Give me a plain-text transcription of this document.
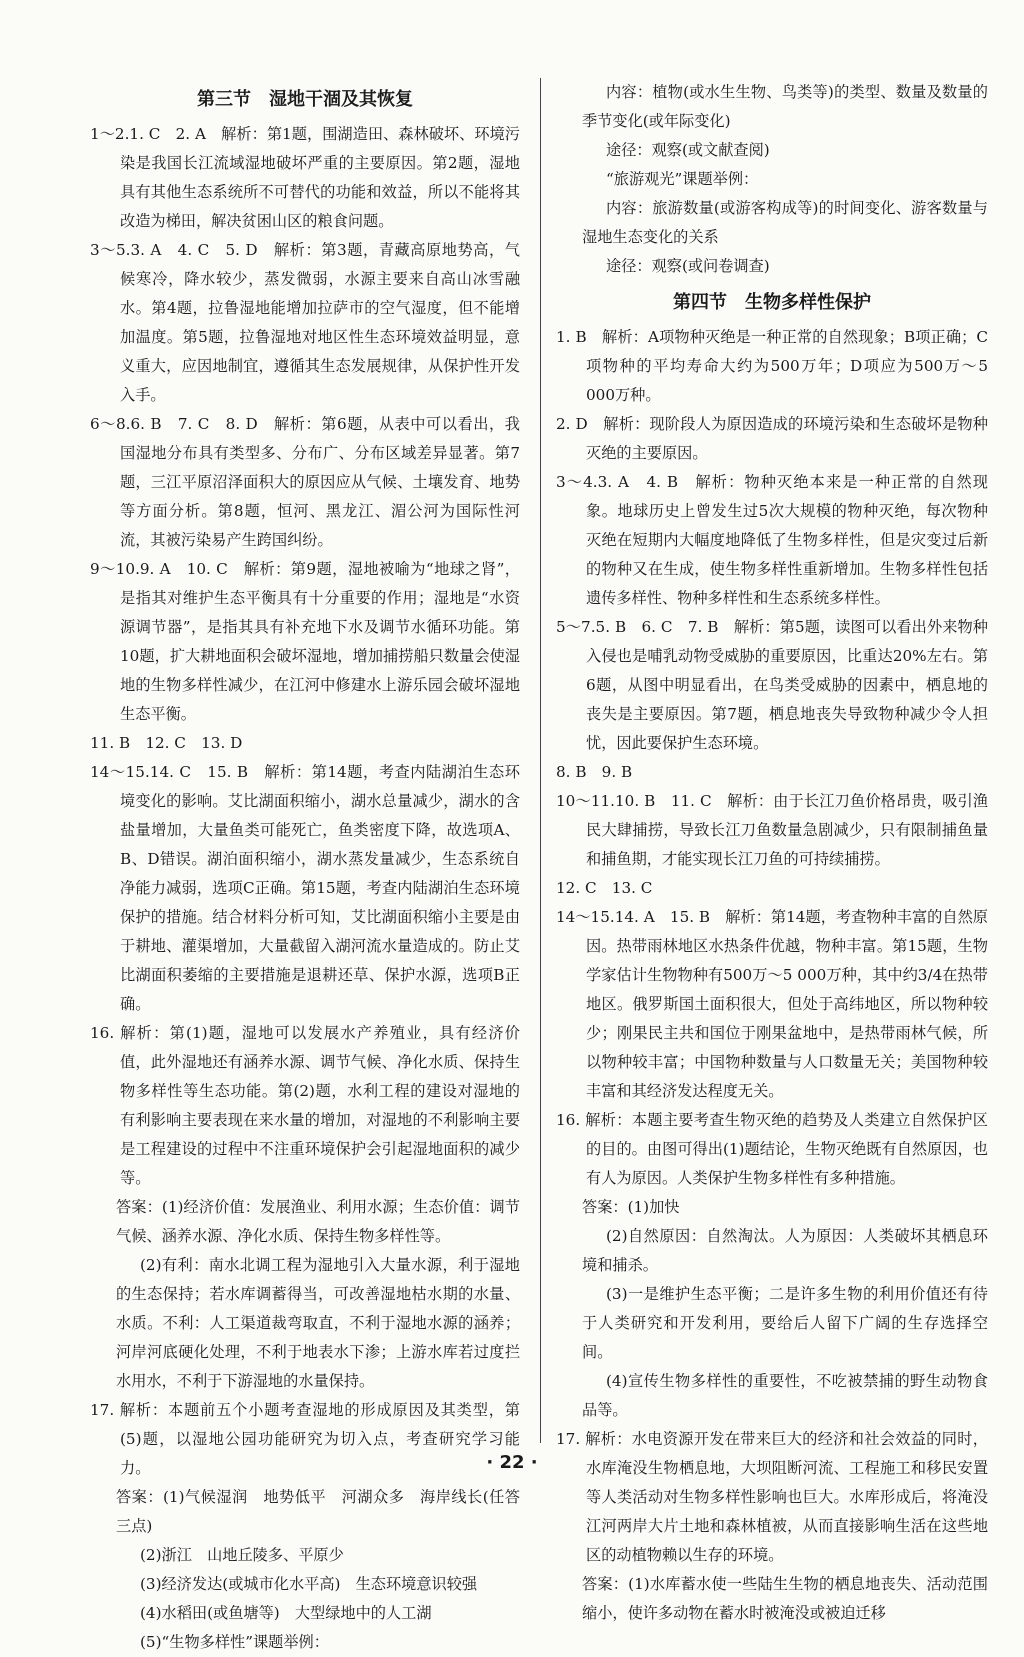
第三节　湿地干涸及其恢复

1～2.1. C　2. A　解析：第1题，围湖造田、森林破坏、环境污染是我国长江流域湿地破坏严重的主要原因。第2题，湿地具有其他生态系统所不可替代的功能和效益，所以不能将其改造为梯田，解决贫困山区的粮食问题。

3～5.3. A　4. C　5. D　解析：第3题，青藏高原地势高，气候寒冷，降水较少，蒸发微弱，水源主要来自高山冰雪融水。第4题，拉鲁湿地能增加拉萨市的空气湿度，但不能增加温度。第5题，拉鲁湿地对地区性生态环境效益明显，意义重大，应因地制宜，遵循其生态发展规律，从保护性开发入手。

6～8.6. B　7. C　8. D　解析：第6题，从表中可以看出，我国湿地分布具有类型多、分布广、分布区域差异显著。第7题，三江平原沼泽面积大的原因应从气候、土壤发育、地势等方面分析。第8题，恒河、黑龙江、湄公河为国际性河流，其被污染易产生跨国纠纷。

9～10.9. A　10. C　解析：第9题，湿地被喻为“地球之肾”，是指其对维护生态平衡具有十分重要的作用；湿地是“水资源调节器”，是指其具有补充地下水及调节水循环功能。第10题，扩大耕地面积会破坏湿地，增加捕捞船只数量会使湿地的生物多样性减少，在江河中修建水上游乐园会破坏湿地生态平衡。

11. B　12. C　13. D

14～15.14. C　15. B　解析：第14题，考查内陆湖泊生态环境变化的影响。艾比湖面积缩小，湖水总量减少，湖水的含盐量增加，大量鱼类可能死亡，鱼类密度下降，故选项A、B、D错误。湖泊面积缩小，湖水蒸发量减少，生态系统自净能力减弱，选项C正确。第15题，考查内陆湖泊生态环境保护的措施。结合材料分析可知，艾比湖面积缩小主要是由于耕地、灌渠增加，大量截留入湖河流水量造成的。防止艾比湖面积萎缩的主要措施是退耕还草、保护水源，选项B正确。

16. 解析：第(1)题，湿地可以发展水产养殖业，具有经济价值，此外湿地还有涵养水源、调节气候、净化水质、保持生物多样性等生态功能。第(2)题，水利工程的建设对湿地的有利影响主要表现在来水量的增加，对湿地的不利影响主要是工程建设的过程中不注重环境保护会引起湿地面积的减少等。

答案：(1)经济价值：发展渔业、利用水源；生态价值：调节气候、涵养水源、净化水质、保持生物多样性等。

(2)有利：南水北调工程为湿地引入大量水源，利于湿地的生态保持；若水库调蓄得当，可改善湿地枯水期的水量、水质。不利：人工渠道裁弯取直，不利于湿地水源的涵养；河岸河底硬化处理，不利于地表水下渗；上游水库若过度拦水用水，不利于下游湿地的水量保持。

17. 解析：本题前五个小题考查湿地的形成原因及其类型，第(5)题，以湿地公园功能研究为切入点，考查研究学习能力。

答案：(1)气候湿润　地势低平　河湖众多　海岸线长(任答三点)

(2)浙江　山地丘陵多、平原少

(3)经济发达(或城市化水平高)　生态环境意识较强

(4)水稻田(或鱼塘等)　大型绿地中的人工湖

(5)“生物多样性”课题举例：

内容：植物(或水生生物、鸟类等)的类型、数量及数量的季节变化(或年际变化)

途径：观察(或文献查阅)

“旅游观光”课题举例：

内容：旅游数量(或游客构成等)的时间变化、游客数量与湿地生态变化的关系

途径：观察(或问卷调查)

第四节　生物多样性保护

1. B　解析：A项物种灭绝是一种正常的自然现象；B项正确；C项物种的平均寿命大约为500万年；D项应为500万～5 000万种。

2. D　解析：现阶段人为原因造成的环境污染和生态破坏是物种灭绝的主要原因。

3～4.3. A　4. B　解析：物种灭绝本来是一种正常的自然现象。地球历史上曾发生过5次大规模的物种灭绝，每次物种灭绝在短期内大幅度地降低了生物多样性，但是灾变过后新的物种又在生成，使生物多样性重新增加。生物多样性包括遗传多样性、物种多样性和生态系统多样性。

5～7.5. B　6. C　7. B　解析：第5题，读图可以看出外来物种入侵也是哺乳动物受威胁的重要原因，比重达20%左右。第6题，从图中明显看出，在鸟类受威胁的因素中，栖息地的丧失是主要原因。第7题，栖息地丧失导致物种减少令人担忧，因此要保护生态环境。

8. B　9. B

10～11.10. B　11. C　解析：由于长江刀鱼价格昂贵，吸引渔民大肆捕捞，导致长江刀鱼数量急剧减少，只有限制捕鱼量和捕鱼期，才能实现长江刀鱼的可持续捕捞。

12. C　13. C

14～15.14. A　15. B　解析：第14题，考查物种丰富的自然原因。热带雨林地区水热条件优越，物种丰富。第15题，生物学家估计生物物种有500万～5 000万种，其中约3/4在热带地区。俄罗斯国土面积很大，但处于高纬地区，所以物种较少；刚果民主共和国位于刚果盆地中，是热带雨林气候，所以物种较丰富；中国物种数量与人口数量无关；美国物种较丰富和其经济发达程度无关。

16. 解析：本题主要考查生物灭绝的趋势及人类建立自然保护区的目的。由图可得出(1)题结论，生物灭绝既有自然原因，也有人为原因。人类保护生物多样性有多种措施。

答案：(1)加快

(2)自然原因：自然淘汰。人为原因：人类破坏其栖息环境和捕杀。

(3)一是维护生态平衡；二是许多生物的利用价值还有待于人类研究和开发利用，要给后人留下广阔的生存选择空间。

(4)宣传生物多样性的重要性，不吃被禁捕的野生动物食品等。

17. 解析：水电资源开发在带来巨大的经济和社会效益的同时，水库淹没生物栖息地，大坝阻断河流、工程施工和移民安置等人类活动对生物多样性影响也巨大。水库形成后，将淹没江河两岸大片土地和森林植被，从而直接影响生活在这些地区的动植物赖以生存的环境。

答案：(1)水库蓄水使一些陆生生物的栖息地丧失、活动范围缩小，使许多动物在蓄水时被淹没或被迫迁移

· 22 ·
